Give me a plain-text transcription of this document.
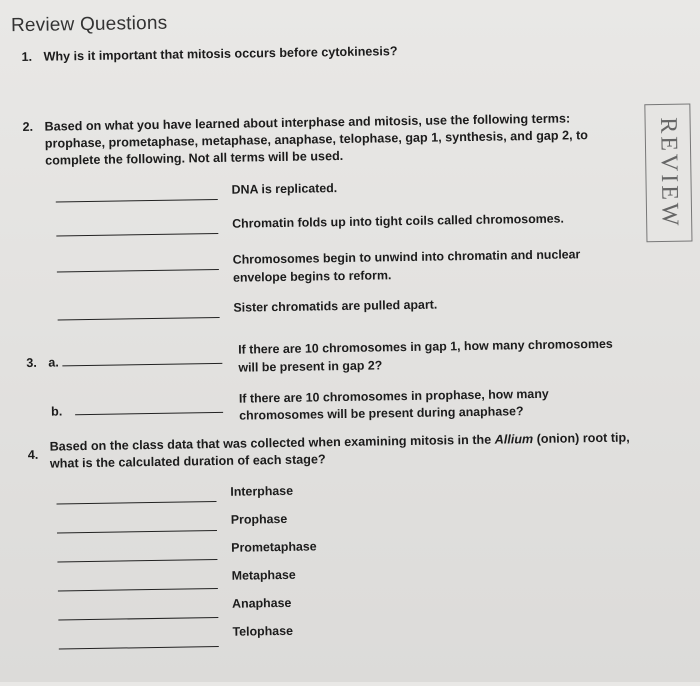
Review Questions
1. Why is it important that mitosis occurs before cytokinesis?
2. Based on what you have learned about interphase and mitosis, use the following terms:
prophase, prometaphase, metaphase, anaphase, telophase, gap 1, synthesis, and gap 2, to
complete the following. Not all terms will be used.
DNA is replicated.
Chromatin folds up into tight coils called chromosomes.
Chromosomes begin to unwind into chromatin and nuclear
envelope begins to reform.
Sister chromatids are pulled apart.
3. a.
If there are 10 chromosomes in gap 1, how many chromosomes
will be present in gap 2?
b.
If there are 10 chromosomes in prophase, how many
chromosomes will be present during anaphase?
4.
Based on the class data that was collected when examining mitosis in the Allium (onion) root tip,
what is the calculated duration of each stage?
Interphase
Prophase
Prometaphase
Metaphase
Anaphase
Telophase
REVIEW
